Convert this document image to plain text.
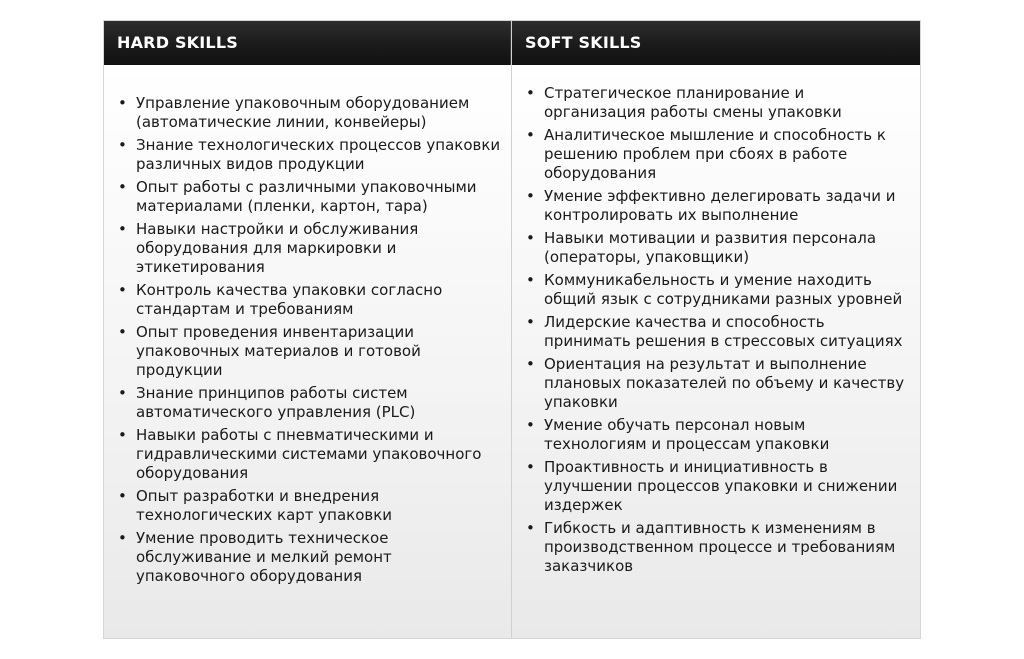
HARD SKILLS
• Управление упаковочным оборудованием (автоматические линии, конвейеры)
• Знание технологических процессов упаковки различных видов продукции
• Опыт работы с различными упаковочными материалами (пленки, картон, тара)
• Навыки настройки и обслуживания оборудования для маркировки и этикетирования
• Контроль качества упаковки согласно стандартам и требованиям
• Опыт проведения инвентаризации упаковочных материалов и готовой продукции
• Знание принципов работы систем автоматического управления (PLC)
• Навыки работы с пневматическими и гидравлическими системами упаковочного оборудования
• Опыт разработки и внедрения технологических карт упаковки
• Умение проводить техническое обслуживание и мелкий ремонт упаковочного оборудования
SOFT SKILLS
• Стратегическое планирование и организация работы смены упаковки
• Аналитическое мышление и способность к решению проблем при сбоях в работе оборудования
• Умение эффективно делегировать задачи и контролировать их выполнение
• Навыки мотивации и развития персонала (операторы, упаковщики)
• Коммуникабельность и умение находить общий язык с сотрудниками разных уровней
• Лидерские качества и способность принимать решения в стрессовых ситуациях
• Ориентация на результат и выполнение плановых показателей по объему и качеству упаковки
• Умение обучать персонал новым технологиям и процессам упаковки
• Проактивность и инициативность в улучшении процессов упаковки и снижении издержек
• Гибкость и адаптивность к изменениям в производственном процессе и требованиям заказчиков
